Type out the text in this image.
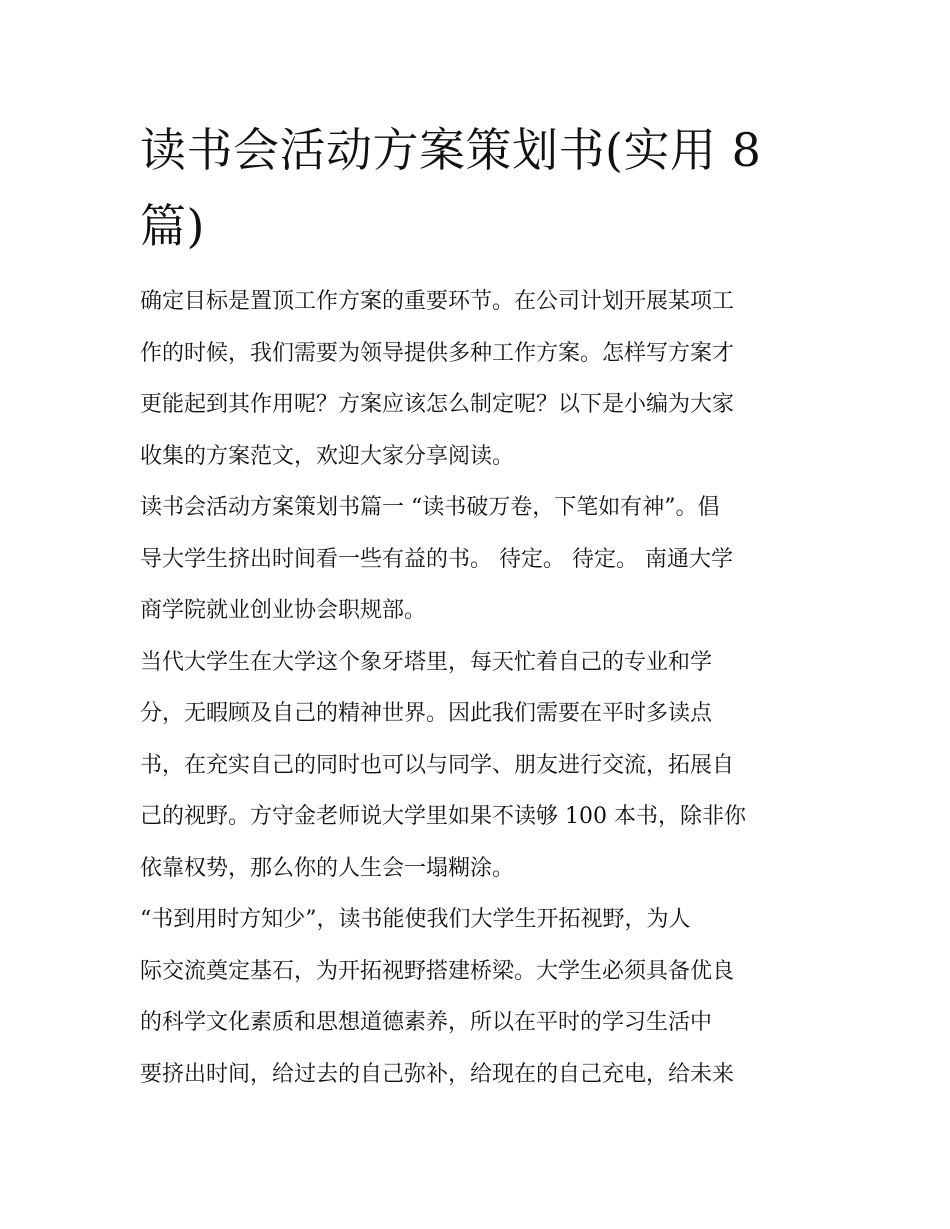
读书会活动方案策划书(实用 8
篇)

确定目标是置顶工作方案的重要环节。在公司计划开展某项工
作的时候，我们需要为领导提供多种工作方案。怎样写方案才
更能起到其作用呢？方案应该怎么制定呢？以下是小编为大家
收集的方案范文，欢迎大家分享阅读。

读书会活动方案策划书篇一 “读书破万卷，下笔如有神”。倡
导大学生挤出时间看一些有益的书。 待定。 待定。 南通大学
商学院就业创业协会职规部。

当代大学生在大学这个象牙塔里，每天忙着自己的专业和学
分，无暇顾及自己的精神世界。因此我们需要在平时多读点
书，在充实自己的同时也可以与同学、朋友进行交流，拓展自
己的视野。方守金老师说大学里如果不读够 100 本书，除非你
依靠权势，那么你的人生会一塌糊涂。

“书到用时方知少”，读书能使我们大学生开拓视野，为人
际交流奠定基石，为开拓视野搭建桥梁。大学生必须具备优良
的科学文化素质和思想道德素养，所以在平时的学习生活中
要挤出时间，给过去的自己弥补，给现在的自己充电，给未来
